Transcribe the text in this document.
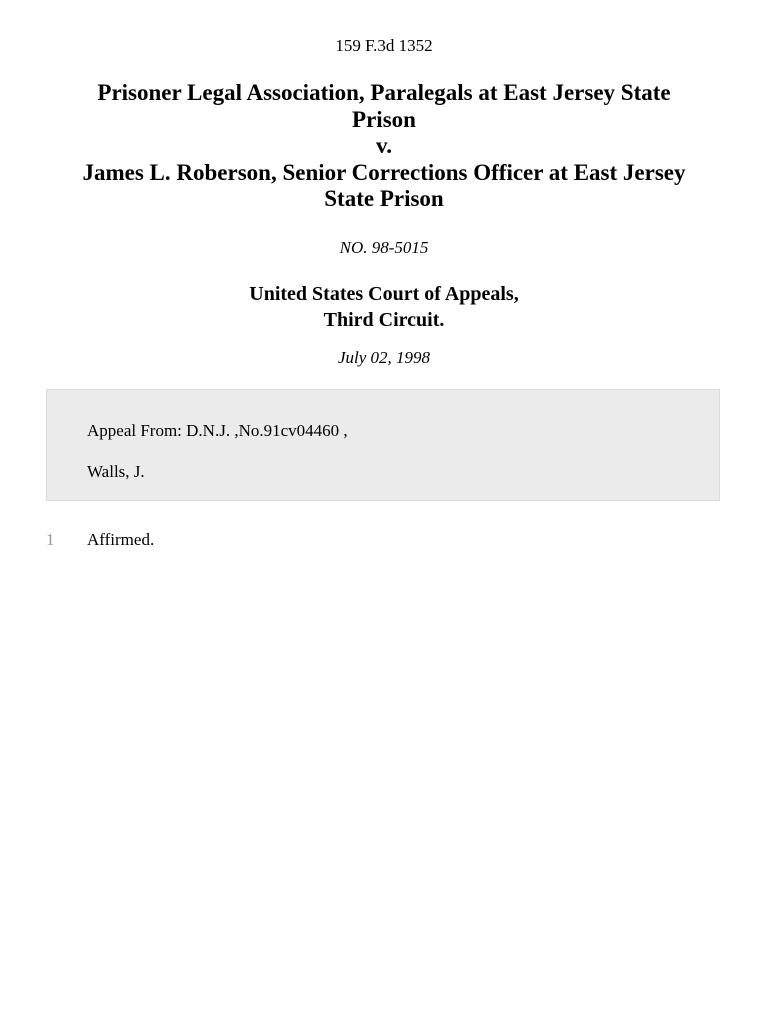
159 F.3d 1352
Prisoner Legal Association, Paralegals at East Jersey State
Prison
v.
James L. Roberson, Senior Corrections Officer at East Jersey
State Prison
NO. 98-5015
United States Court of Appeals,
Third Circuit.
July 02, 1998
Appeal From: D.N.J. ,No.91cv04460 ,
Walls, J.
1 Affirmed.
